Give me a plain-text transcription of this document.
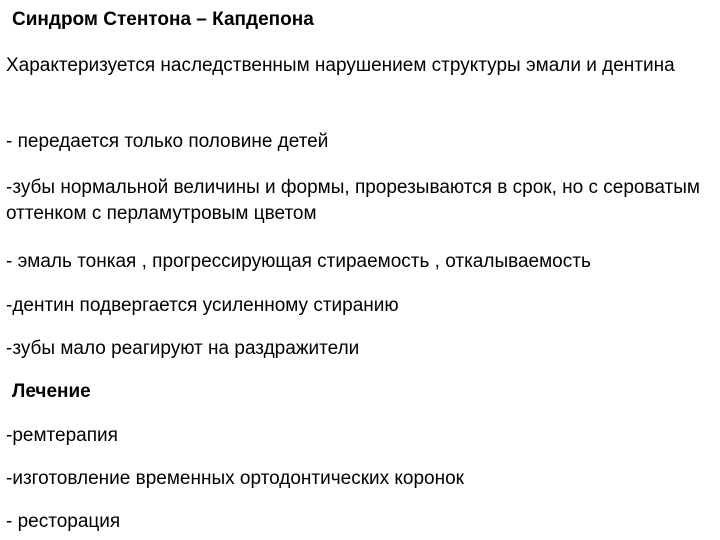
Синдром Стентона – Капдепона
Характеризуется наследственным нарушением структуры эмали и дентина
- передается только половине детей
-зубы нормальной величины и формы, прорезываются в срок, но с сероватым оттенком с перламутровым цветом
- эмаль тонкая , прогрессирующая стираемость , откалываемость
-дентин подвергается усиленному стиранию
-зубы мало реагируют на раздражители
Лечение
-ремтерапия
-изготовление временных ортодонтических коронок
- ресторация
